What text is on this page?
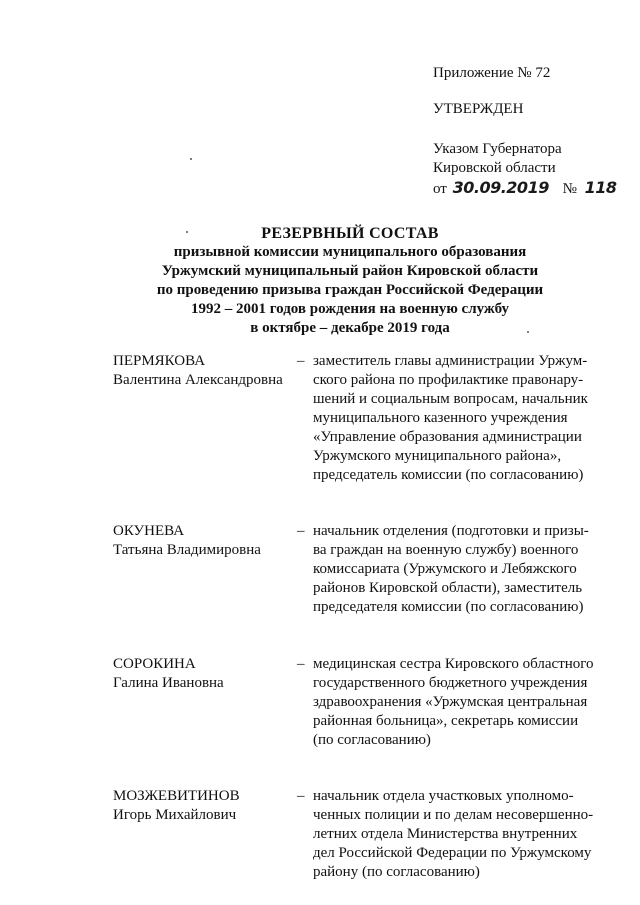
Приложение № 72
УТВЕРЖДЕН
Указом Губернатора
Кировской области
от 30.09.2019 № 118
РЕЗЕРВНЫЙ СОСТАВ
призывной комиссии муниципального образования
Уржумский муниципальный район Кировской области
по проведению призыва граждан Российской Федерации
1992 – 2001 годов рождения на военную службу
в октябре – декабре 2019 года
ПЕРМЯКОВА
Валентина Александровна
– заместитель главы администрации Уржум-
ского района по профилактике правонару-
шений и социальным вопросам, начальник
муниципального казенного учреждения
«Управление образования администрации
Уржумского муниципального района»,
председатель комиссии (по согласованию)
ОКУНЕВА
Татьяна Владимировна
– начальник отделения (подготовки и призы-
ва граждан на военную службу) военного
комиссариата (Уржумского и Лебяжского
районов Кировской области), заместитель
председателя комиссии (по согласованию)
СОРОКИНА
Галина Ивановна
– медицинская сестра Кировского областного
государственного бюджетного учреждения
здравоохранения «Уржумская центральная
районная больница», секретарь комиссии
(по согласованию)
МОЗЖЕВИТИНОВ
Игорь Михайлович
– начальник отдела участковых уполномо-
ченных полиции и по делам несовершенно-
летних отдела Министерства внутренних
дел Российской Федерации по Уржумскому
району (по согласованию)
